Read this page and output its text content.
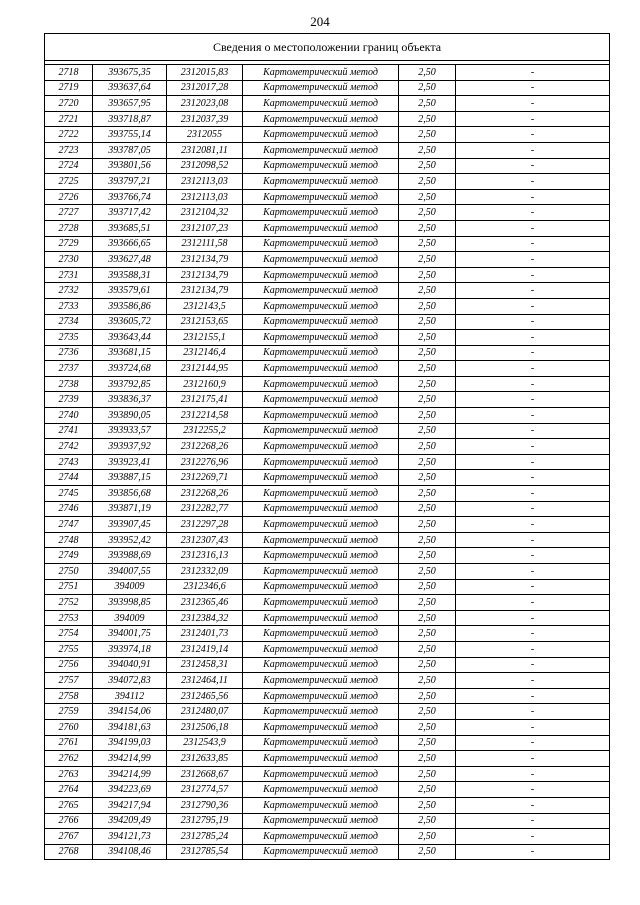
204
Сведения о местоположении границ объекта					

2718	393675,35	2312015,83	Картометрический метод	2,50	-
2719	393637,64	2312017,28	Картометрический метод	2,50	-
2720	393657,95	2312023,08	Картометрический метод	2,50	-
2721	393718,87	2312037,39	Картометрический метод	2,50	-
2722	393755,14	2312055	Картометрический метод	2,50	-
2723	393787,05	2312081,11	Картометрический метод	2,50	-
2724	393801,56	2312098,52	Картометрический метод	2,50	-
2725	393797,21	2312113,03	Картометрический метод	2,50	-
2726	393766,74	2312113,03	Картометрический метод	2,50	-
2727	393717,42	2312104,32	Картометрический метод	2,50	-
2728	393685,51	2312107,23	Картометрический метод	2,50	-
2729	393666,65	2312111,58	Картометрический метод	2,50	-
2730	393627,48	2312134,79	Картометрический метод	2,50	-
2731	393588,31	2312134,79	Картометрический метод	2,50	-
2732	393579,61	2312134,79	Картометрический метод	2,50	-
2733	393586,86	2312143,5	Картометрический метод	2,50	-
2734	393605,72	2312153,65	Картометрический метод	2,50	-
2735	393643,44	2312155,1	Картометрический метод	2,50	-
2736	393681,15	2312146,4	Картометрический метод	2,50	-
2737	393724,68	2312144,95	Картометрический метод	2,50	-
2738	393792,85	2312160,9	Картометрический метод	2,50	-
2739	393836,37	2312175,41	Картометрический метод	2,50	-
2740	393890,05	2312214,58	Картометрический метод	2,50	-
2741	393933,57	2312255,2	Картометрический метод	2,50	-
2742	393937,92	2312268,26	Картометрический метод	2,50	-
2743	393923,41	2312276,96	Картометрический метод	2,50	-
2744	393887,15	2312269,71	Картометрический метод	2,50	-
2745	393856,68	2312268,26	Картометрический метод	2,50	-
2746	393871,19	2312282,77	Картометрический метод	2,50	-
2747	393907,45	2312297,28	Картометрический метод	2,50	-
2748	393952,42	2312307,43	Картометрический метод	2,50	-
2749	393988,69	2312316,13	Картометрический метод	2,50	-
2750	394007,55	2312332,09	Картометрический метод	2,50	-
2751	394009	2312346,6	Картометрический метод	2,50	-
2752	393998,85	2312365,46	Картометрический метод	2,50	-
2753	394009	2312384,32	Картометрический метод	2,50	-
2754	394001,75	2312401,73	Картометрический метод	2,50	-
2755	393974,18	2312419,14	Картометрический метод	2,50	-
2756	394040,91	2312458,31	Картометрический метод	2,50	-
2757	394072,83	2312464,11	Картометрический метод	2,50	-
2758	394112	2312465,56	Картометрический метод	2,50	-
2759	394154,06	2312480,07	Картометрический метод	2,50	-
2760	394181,63	2312506,18	Картометрический метод	2,50	-
2761	394199,03	2312543,9	Картометрический метод	2,50	-
2762	394214,99	2312633,85	Картометрический метод	2,50	-
2763	394214,99	2312668,67	Картометрический метод	2,50	-
2764	394223,69	2312774,57	Картометрический метод	2,50	-
2765	394217,94	2312790,36	Картометрический метод	2,50	-
2766	394209,49	2312795,19	Картометрический метод	2,50	-
2767	394121,73	2312785,24	Картометрический метод	2,50	-
2768	394108,46	2312785,54	Картометрический метод	2,50	-
